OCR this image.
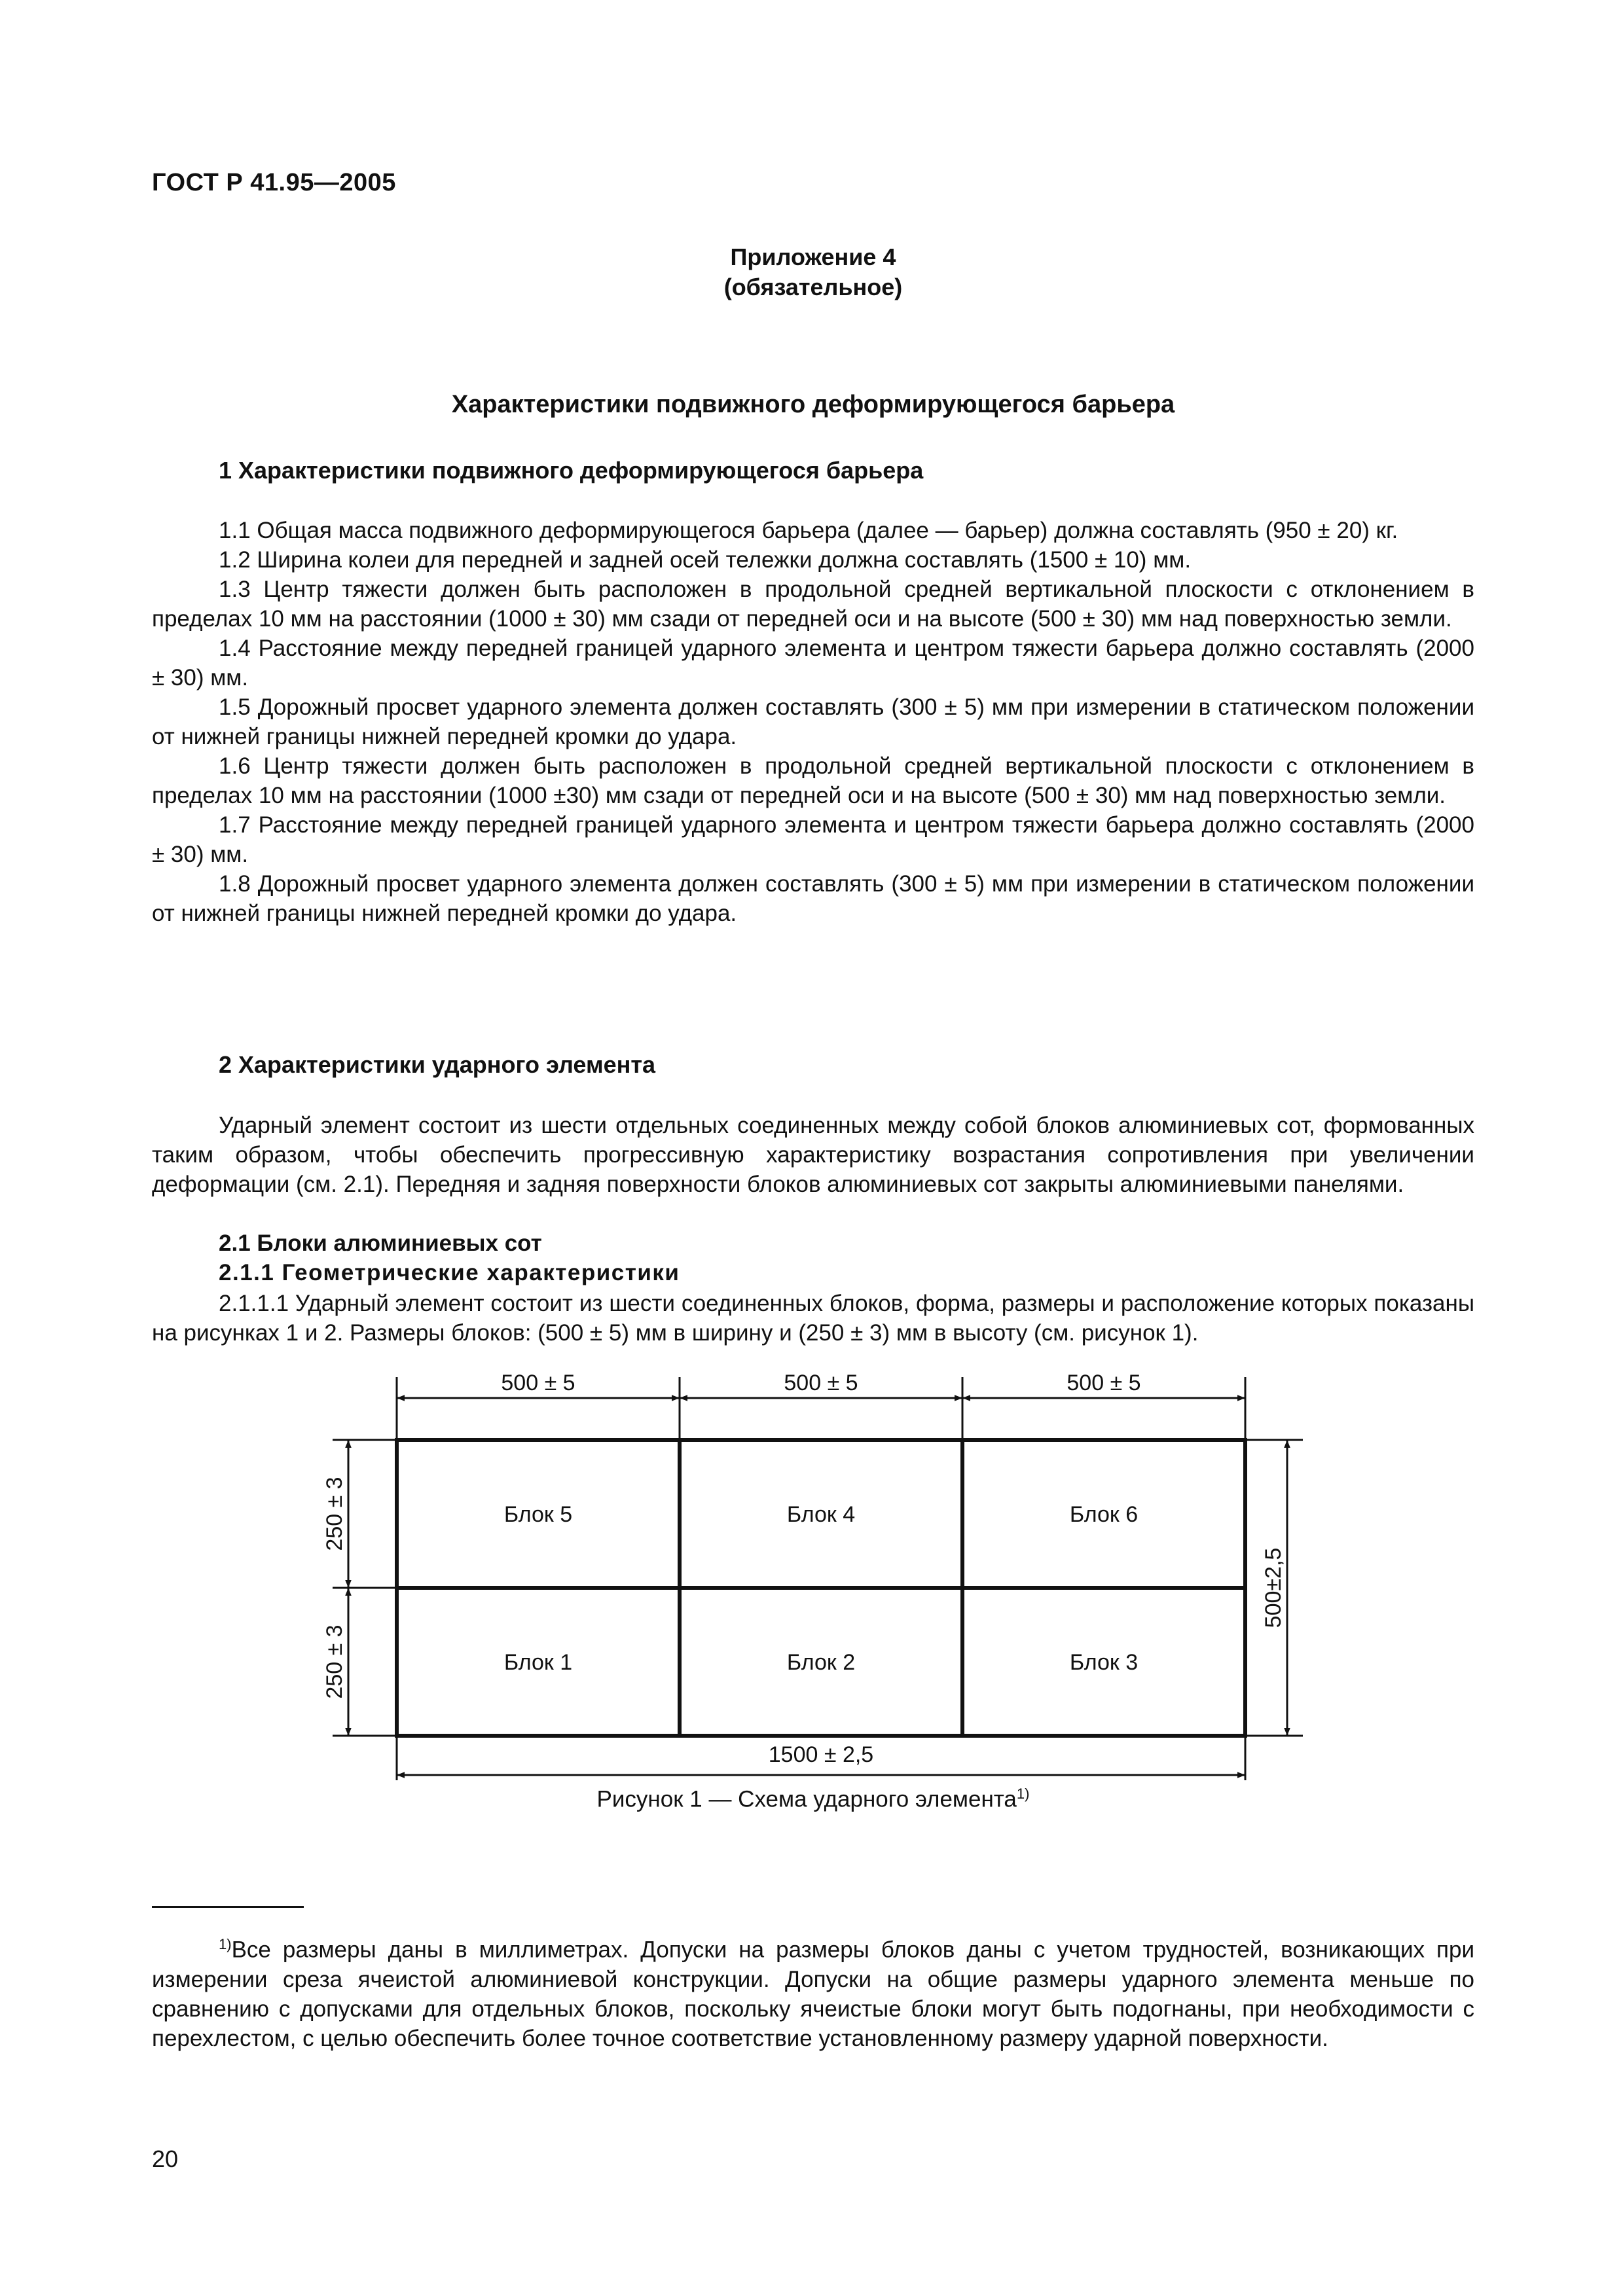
ГОСТ Р 41.95—2005
Приложение 4
(обязательное)
Характеристики подвижного деформирующегося барьера
1 Характеристики подвижного деформирующегося барьера

1.1 Общая масса подвижного деформирующегося барьера (далее — барьер) должна составлять (950 ± 20) кг.

1.2 Ширина колеи для передней и задней осей тележки должна составлять (1500 ± 10) мм.

1.3 Центр тяжести должен быть расположен в продольной средней вертикальной плоскости с отклонением в пределах 10 мм на расстоянии (1000 ± 30) мм сзади от передней оси и на высоте (500 ± 30) мм над поверхностью земли.

1.4 Расстояние между передней границей ударного элемента и центром тяжести барьера должно составлять (2000 ± 30) мм.

1.5 Дорожный просвет ударного элемента должен составлять (300 ± 5) мм при измерении в статическом положении от нижней границы нижней передней кромки до удара.

1.6 Центр тяжести должен быть расположен в продольной средней вертикальной плоскости с отклонением в пределах 10 мм на расстоянии (1000 ±30) мм сзади от передней оси и на высоте (500 ± 30) мм над поверхностью земли.

1.7 Расстояние между передней границей ударного элемента и центром тяжести барьера должно составлять (2000 ± 30) мм.

1.8 Дорожный просвет ударного элемента должен составлять (300 ± 5) мм при измерении в статическом положении от нижней границы нижней передней кромки до удара.

2 Характеристики ударного элемента

Ударный элемент состоит из шести отдельных соединенных между собой блоков алюминиевых сот, формованных таким образом, чтобы обеспечить прогрессивную характеристику возрастания сопротивления при увеличении деформации (см. 2.1). Передняя и задняя поверхности блоков алюминиевых сот закрыты алюминиевыми панелями.

2.1 Блоки алюминиевых сот
2.1.1 Геометрические характеристики

2.1.1.1 Ударный элемент состоит из шести соединенных блоков, форма, размеры и расположение которых показаны на рисунках 1 и 2. Размеры блоков: (500 ± 5) мм в ширину и (250 ± 3) мм в высоту (см. рисунок 1).

500 ± 5	500 ± 5	500 ± 5
1500 ± 2,5
250 ± 3
250 ± 3
500±2,5
Блок 5	Блок 4	Блок 6
Блок 1	Блок 2	Блок 3
Рисунок 1 — Схема ударного элемента$^{1)}$

$^{1)}$Все размеры даны в миллиметрах. Допуски на размеры блоков даны с учетом трудностей, возникающих при измерении среза ячеистой алюминиевой конструкции. Допуски на общие размеры ударного элемента меньше по сравнению с допусками для отдельных блоков, поскольку ячеистые блоки могут быть подогнаны, при необходимости с перехлестом, с целью обеспечить более точное соответствие установленному размеру ударной поверхности.

20
